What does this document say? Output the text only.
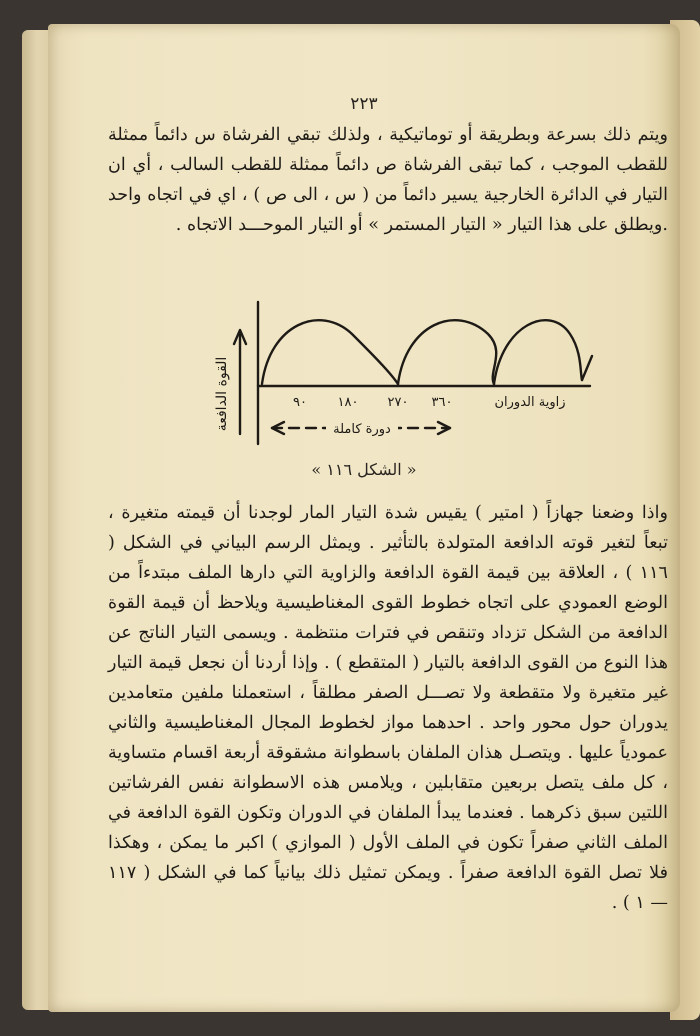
٢٢٣
ويتم ذلك بسرعة وبطريقة أو توماتيكية ، ولذلك تبقي الفرشاة س دائماً ممثلة للقطب الموجب ، كما تبقى الفرشاة ص دائماً ممثلة للقطب السالب ، أي ان التيار في الدائرة الخارجية يسير دائماً من ( س ، الى ص ) ، اي في اتجاه واحد .ويطلق على هذا التيار « التيار المستمر » أو التيار الموحـــد الاتجاه .
القوة الدافعة	٩٠ ١٨٠ ٢٧٠ ٣٦٠	زاوية الدوران
دورة كاملة
« الشكل ١١٦ »
واذا وضعنا جهازاً ( امتير ) يقيس شدة التيار المار لوجدنا أن قيمته متغيرة ، تبعاً لتغير قوته الدافعة المتولدة بالتأثير . ويمثل الرسم البياني في الشكل ( ١١٦ ) ، العلاقة بين قيمة القوة الدافعة والزاوية التي دارها الملف مبتدءاً من الوضع العمودي على اتجاه خطوط القوى المغناطيسية ويلاحظ أن قيمة القوة الدافعة من الشكل تزداد وتنقص في فترات منتظمة . ويسمى التيار الناتج عن هذا النوع من القوى الدافعة بالتيار ( المتقطع ) . وإذا أردنا أن نجعل قيمة التيار غير متغيرة ولا متقطعة ولا تصـــل الصفر مطلقاً ، استعملنا ملفين متعامدين يدوران حول محور واحد . احدهما مواز لخطوط المجال المغناطيسية والثاني عمودياً عليها . ويتصـل هذان الملفان باسطوانة مشقوقة أربعة اقسام متساوية ، كل ملف يتصل بربعين متقابلين ، ويلامس هذه الاسطوانة نفس الفرشاتين اللتين سبق ذكرهما . فعندما يبدأ الملفان في الدوران وتكون القوة الدافعة في الملف الثاني صفراً تكون في الملف الأول ( الموازي ) اكبر ما يمكن ، وهكذا فلا تصل القوة الدافعة صفراً . ويمكن تمثيل ذلك بيانياً كما في الشكل ( ١١٧ — ١ ) .
